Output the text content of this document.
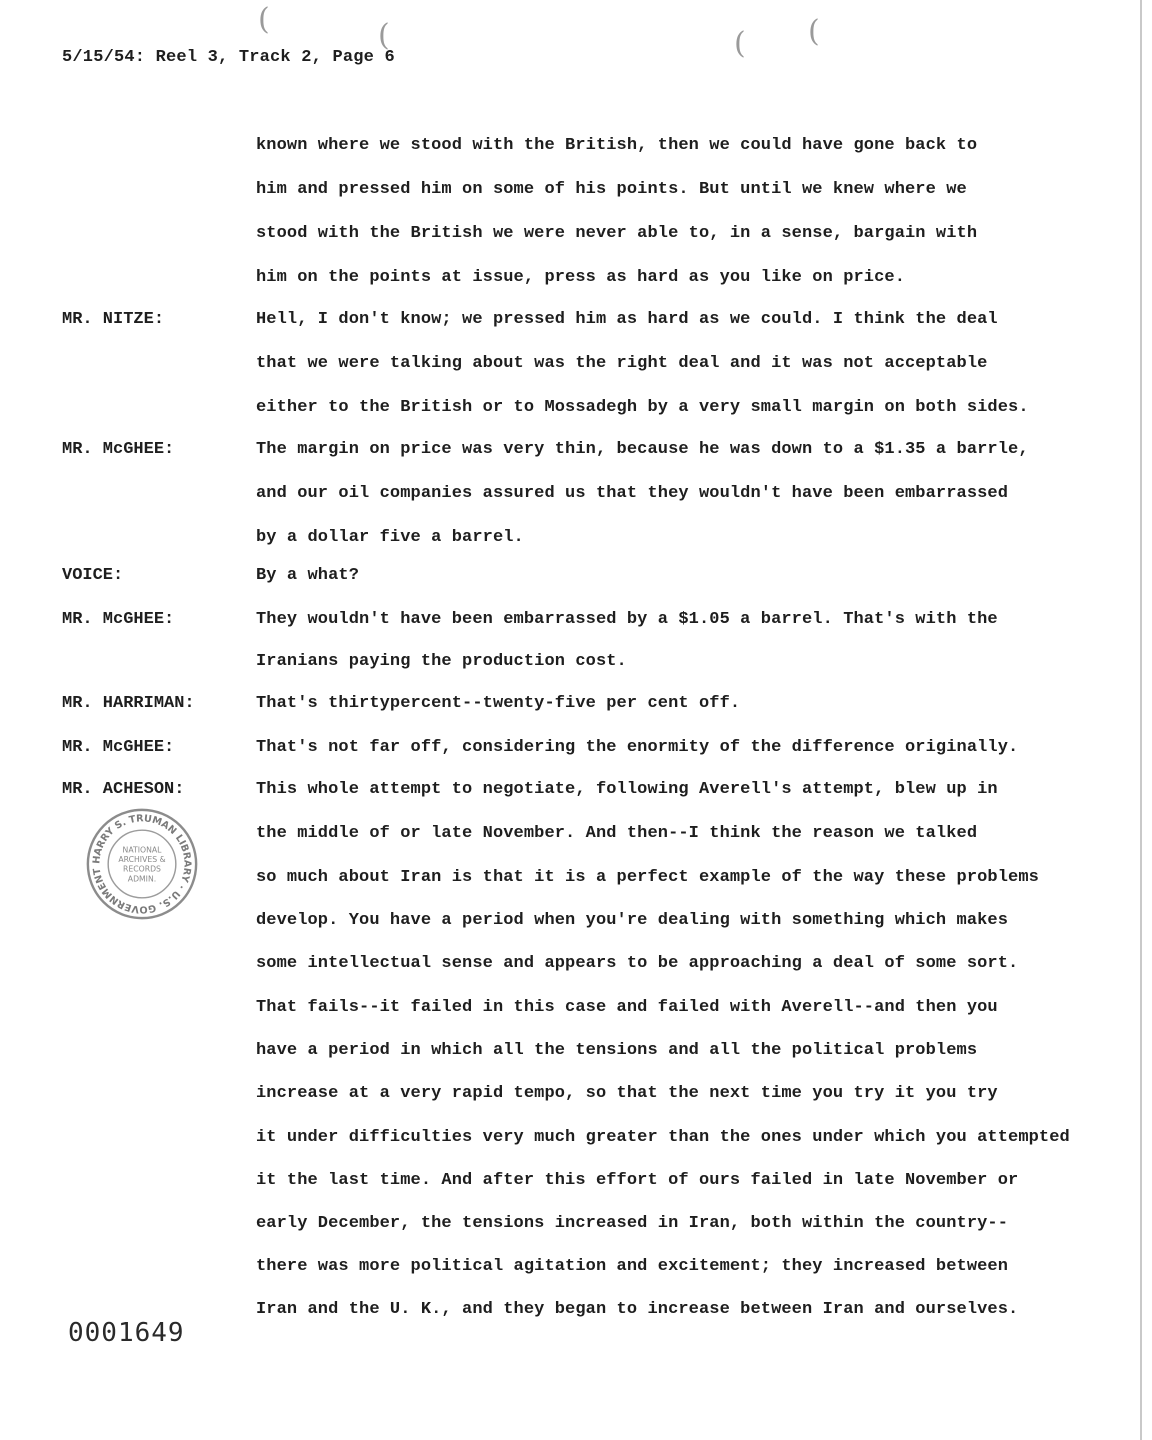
(	(	( (
5/15/54: Reel 3, Track 2, Page 6
known where we stood with the British, then we could have gone back to
him and pressed him on some of his points. But until we knew where we
stood with the British we were never able to, in a sense, bargain with
him on the points at issue, press as hard as you like on price.
MR. NITZE:	Hell, I don't know; we pressed him as hard as we could. I think the deal
that we were talking about was the right deal and it was not acceptable
either to the British or to Mossadegh by a very small margin on both sides.
MR. McGHEE:	The margin on price was very thin, because he was down to a $1.35 a barrle,
and our oil companies assured us that they wouldn't have been embarrassed
by a dollar five a barrel.
VOICE:	By a what?
MR. McGHEE:	They wouldn't have been embarrassed by a $1.05 a barrel. That's with the
Iranians paying the production cost.
MR. HARRIMAN:	That's thirtypercent--twenty-five per cent off.
MR. McGHEE:	That's not far off, considering the enormity of the difference originally.
MR. ACHESON:	This whole attempt to negotiate, following Averell's attempt, blew up in
the middle of or late November. And then--I think the reason we talked
so much about Iran is that it is a perfect example of the way these problems
develop. You have a period when you're dealing with something which makes
some intellectual sense and appears to be approaching a deal of some sort.
That fails--it failed in this case and failed with Averell--and then you
have a period in which all the tensions and all the political problems
increase at a very rapid tempo, so that the next time you try it you try
it under difficulties very much greater than the ones under which you attempted
it the last time. And after this effort of ours failed in late November or
early December, the tensions increased in Iran, both within the country--
there was more political agitation and excitement; they increased between
Iran and the U. K., and they began to increase between Iran and ourselves.
HARRY S. TRUMAN LIBRARY · U.S. GOVERNMENT
NATIONAL
ARCHIVES &
RECORDS
ADMIN.
0001649
